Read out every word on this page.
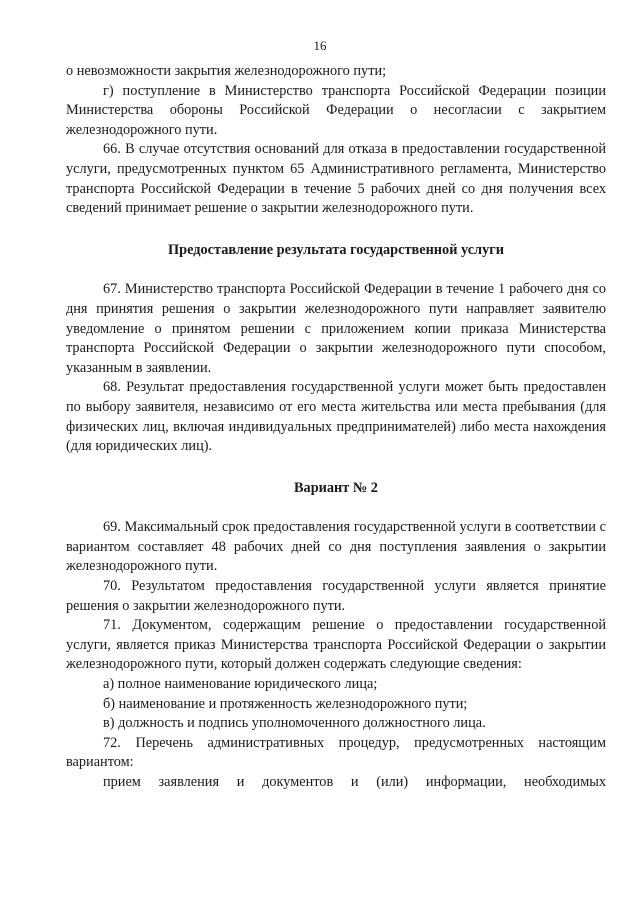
16

о невозможности закрытия железнодорожного пути;

г) поступление в Министерство транспорта Российской Федерации позиции Министерства обороны Российской Федерации о несогласии с закрытием железнодорожного пути.

66. В случае отсутствия оснований для отказа в предоставлении государственной услуги, предусмотренных пунктом 65 Административного регламента, Министерство транспорта Российской Федерации в течение 5 рабочих дней со дня получения всех сведений принимает решение о закрытии железнодорожного пути.

Предоставление результата государственной услуги

67. Министерство транспорта Российской Федерации в течение 1 рабочего дня со дня принятия решения о закрытии железнодорожного пути направляет заявителю уведомление о принятом решении с приложением копии приказа Министерства транспорта Российской Федерации о закрытии железнодорожного пути способом, указанным в заявлении.

68. Результат предоставления государственной услуги может быть предоставлен по выбору заявителя, независимо от его места жительства или места пребывания (для физических лиц, включая индивидуальных предпринимателей) либо места нахождения (для юридических лиц).

Вариант № 2

69. Максимальный срок предоставления государственной услуги в соответствии с вариантом составляет 48 рабочих дней со дня поступления заявления о закрытии железнодорожного пути.

70. Результатом предоставления государственной услуги является принятие решения о закрытии железнодорожного пути.

71. Документом, содержащим решение о предоставлении государственной услуги, является приказ Министерства транспорта Российской Федерации о закрытии железнодорожного пути, который должен содержать следующие сведения:

а) полное наименование юридического лица;

б) наименование и протяженность железнодорожного пути;

в) должность и подпись уполномоченного должностного лица.

72. Перечень административных процедур, предусмотренных настоящим вариантом:

прием заявления и документов и (или) информации, необходимых
